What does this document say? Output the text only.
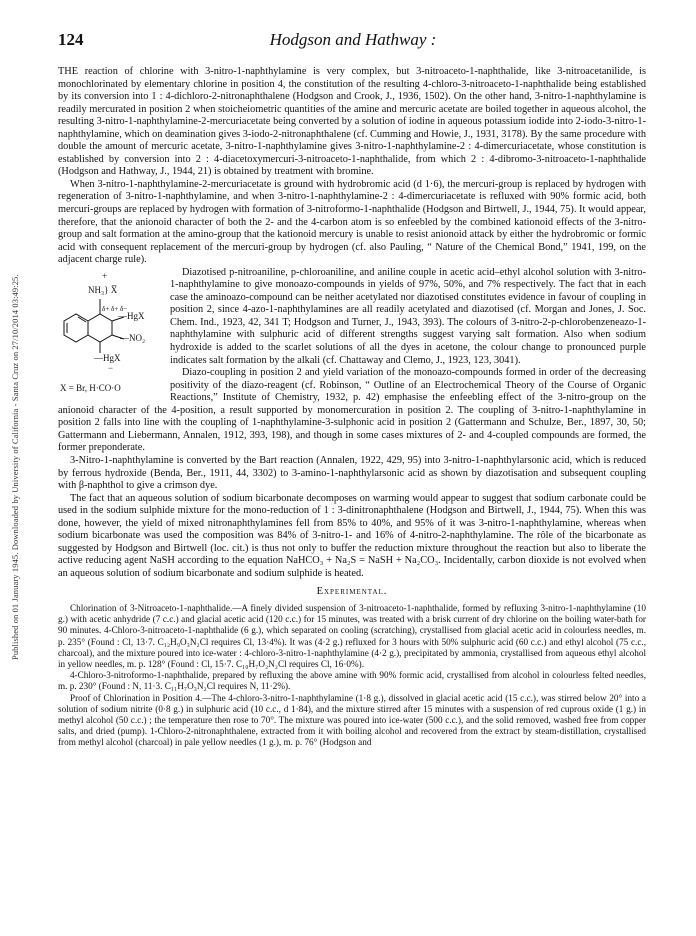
Published on 01 January 1945. Downloaded by University of California - Santa Cruz on 27/10/2014 03:49:25.
124	Hodgson and Hathway :

THE reaction of chlorine with 3-nitro-1-naphthylamine is very complex, but 3-nitroaceto-1-naphthalide, like 3-nitroacetanilide, is monochlorinated by elementary chlorine in position 4, the constitution of the resulting 4-chloro-3-nitroaceto-1-naphthalide being established by its conversion into 1 : 4-dichloro-2-nitronaphthalene (Hodgson and Crook, J., 1936, 1502). On the other hand, 3-nitro-1-naphthylamine is readily mercurated in position 2 when stoicheiometric quantities of the amine and mercuric acetate are boiled together in aqueous alcohol, the resulting 3-nitro-1-naphthylamine-2-mercuriacetate being converted by a solution of iodine in aqueous potassium iodide into 2-iodo-3-nitro-1-naphthylamine, which on deamination gives 3-iodo-2-nitronaphthalene (cf. Cumming and Howie, J., 1931, 3178). By the same procedure with double the amount of mercuric acetate, 3-nitro-1-naphthylamine gives 3-nitro-1-naphthylamine-2 : 4-dimercuriacetate, whose constitution is established by conversion into 2 : 4-diacetoxymercuri-3-nitroaceto-1-naphthalide, from which 2 : 4-dibromo-3-nitroaceto-1-naphthalide (Hodgson and Hathway, J., 1944, 21) is obtained by treatment with bromine.

When 3-nitro-1-naphthylamine-2-mercuriacetate is ground with hydrobromic acid (d 1·6), the mercuri-group is replaced by hydrogen with regeneration of 3-nitro-1-naphthylamine, and when 3-nitro-1-naphthylamine-2 : 4-dimercuriacetate is refluxed with 90% formic acid, both mercuri-groups are replaced by hydrogen with formation of 3-nitroformo-1-naphthalide (Hodgson and Birtwell, J., 1944, 75). It would appear, therefore, that the anionoid character of both the 2- and the 4-carbon atom is so enfeebled by the combined kationoid effects of the 3-nitro-group and salt formation at the amino-group that the kationoid mercury is unable to resist anionoid attack by either the hydrobromic or formic acid with consequent replacement of the mercuri-group by hydrogen (cf. also Pauling, “ Nature of the Chemical Bond,” 1941, 199, on the adjacent charge rule).

+
NH₃} X̅
δ+ δ+ δ−
—HgX
—NO₂
—HgX
−
X = Br, H·CO·O

Diazotised p-nitroaniline, p-chloroaniline, and aniline couple in acetic acid–ethyl alcohol solution with 3-nitro-1-naphthylamine to give monoazo-compounds in yields of 97%, 50%, and 7% respectively. The fact that in each case the aminoazo-compound can be neither acetylated nor diazotised constitutes evidence in favour of coupling in position 2, since 4-azo-1-naphthylamines are all readily acetylated and diazotised (cf. Morgan and Jones, J. Soc. Chem. Ind., 1923, 42, 341 T; Hodgson and Turner, J., 1943, 393). The colours of 3-nitro-2-p-chlorobenzeneazo-1-naphthylamine with sulphuric acid of different strengths suggest varying salt formation. Also when sodium hydroxide is added to the scarlet solutions of all the dyes in acetone, the colour change to pronounced purple indicates salt formation by the alkali (cf. Chattaway and Clemo, J., 1923, 123, 3041).

Diazo-coupling in position 2 and yield variation of the monoazo-compounds formed in order of the decreasing positivity of the diazo-reagent (cf. Robinson, “ Outline of an Electrochemical Theory of the Course of Organic Reactions,” Institute of Chemistry, 1932, p. 42) emphasise the enfeebling effect of the 3-nitro-group on the anionoid character of the 4-position, a result supported by monomercuration in position 2. The coupling of 3-nitro-1-naphthylamine in position 2 falls into line with the coupling of 1-naphthylamine-3-sulphonic acid in position 2 (Gattermann and Schulze, Ber., 1897, 30, 50; Gattermann and Liebermann, Annalen, 1912, 393, 198), and though in some cases mixtures of 2- and 4-coupled compounds are formed, the former preponderate.

3-Nitro-1-naphthylamine is converted by the Bart reaction (Annalen, 1922, 429, 95) into 3-nitro-1-naphthylarsonic acid, which is reduced by ferrous hydroxide (Benda, Ber., 1911, 44, 3302) to 3-amino-1-naphthylarsonic acid as shown by diazotisation and subsequent coupling with β-naphthol to give a crimson dye.

The fact that an aqueous solution of sodium bicarbonate decomposes on warming would appear to suggest that sodium carbonate could be used in the sodium sulphide mixture for the mono-reduction of 1 : 3-dinitronaphthalene (Hodgson and Birtwell, J., 1944, 75). When this was done, however, the yield of mixed nitronaphthylamines fell from 85% to 40%, and 95% of it was 3-nitro-1-naphthylamine, whereas when sodium bicarbonate was used the composition was 84% of 3-nitro-1- and 16% of 4-nitro-2-naphthylamine. The rôle of the bicarbonate as suggested by Hodgson and Birtwell (loc. cit.) is thus not only to buffer the reduction mixture throughout the reaction but also to liberate the active reducing agent NaSH according to the equation NaHCO₃ + Na₂S = NaSH + Na₂CO₃. Incidentally, carbon dioxide is not evolved when an aqueous solution of sodium bicarbonate and sodium sulphide is heated.

Experimental.

Chlorination of 3-Nitroaceto-1-naphthalide.—A finely divided suspension of 3-nitroaceto-1-naphthalide, formed by refluxing 3-nitro-1-naphthylamine (10 g.) with acetic anhydride (7 c.c.) and glacial acetic acid (120 c.c.) for 15 minutes, was treated with a brisk current of dry chlorine on the boiling water-bath for 90 minutes. 4-Chloro-3-nitroaceto-1-naphthalide (6 g.), which separated on cooling (scratching), crystallised from glacial acetic acid in colourless needles, m. p. 235° (Found : Cl, 13·7. C₁₂H₉O₃N₂Cl requires Cl, 13·4%). It was (4·2 g.) refluxed for 3 hours with 50% sulphuric acid (60 c.c.) and ethyl alcohol (75 c.c., charcoal), and the mixture poured into ice-water : 4-chloro-3-nitro-1-naphthylamine (4·2 g.), precipitated by ammonia, crystallised from aqueous ethyl alcohol in yellow needles, m. p. 128° (Found : Cl, 15·7. C₁₀H₇O₂N₂Cl requires Cl, 16·0%).

4-Chloro-3-nitroformo-1-naphthalide, prepared by refluxing the above amine with 90% formic acid, crystallised from alcohol in colourless felted needles, m. p. 230° (Found : N, 11·3. C₁₁H₇O₃N₂Cl requires N, 11·2%).

Proof of Chlorination in Position 4.—The 4-chloro-3-nitro-1-naphthylamine (1·8 g.), dissolved in glacial acetic acid (15 c.c.), was stirred below 20° into a solution of sodium nitrite (0·8 g.) in sulphuric acid (10 c.c., d 1·84), and the mixture stirred after 15 minutes with a suspension of red cuprous oxide (1 g.) in methyl alcohol (50 c.c.) ; the temperature then rose to 70°. The mixture was poured into ice-water (500 c.c.), and the solid removed, washed free from copper salts, and dried (pump). 1-Chloro-2-nitronaphthalene, extracted from it with boiling alcohol and recovered from the extract by steam-distillation, crystallised from methyl alcohol (charcoal) in pale yellow needles (1 g.), m. p. 76° (Hodgson and
